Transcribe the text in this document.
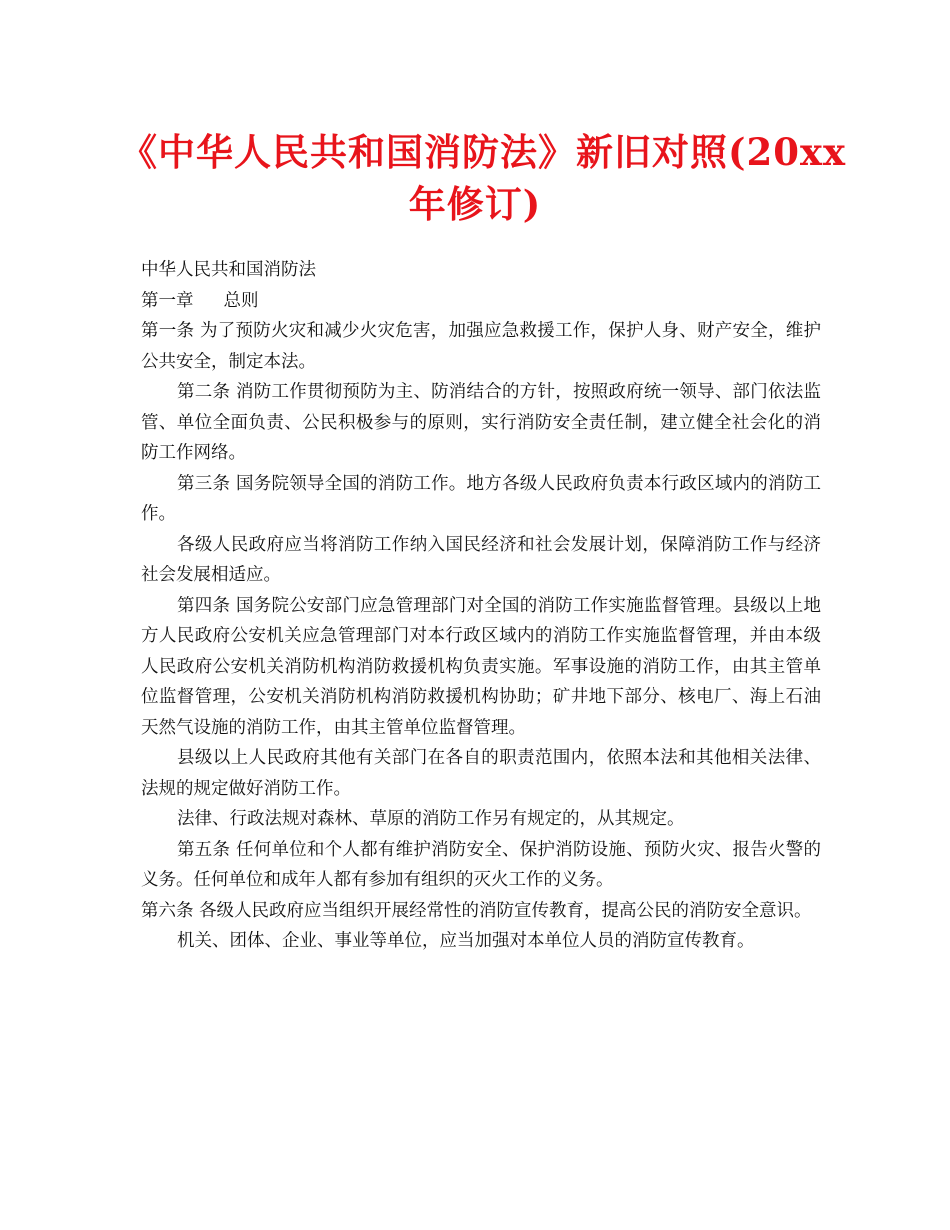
《中华人民共和国消防法》新旧对照(20xx
年修订)

中华人民共和国消防法

第一章 总则

第一条 为了预防火灾和减少火灾危害，加强应急救援工作，保护人身、财产安全，维护公共安全，制定本法。

第二条 消防工作贯彻预防为主、防消结合的方针，按照政府统一领导、部门依法监管、单位全面负责、公民积极参与的原则，实行消防安全责任制，建立健全社会化的消防工作网络。

第三条 国务院领导全国的消防工作。地方各级人民政府负责本行政区域内的消防工作。

各级人民政府应当将消防工作纳入国民经济和社会发展计划，保障消防工作与经济社会发展相适应。

第四条 国务院公安部门应急管理部门对全国的消防工作实施监督管理。县级以上地方人民政府公安机关应急管理部门对本行政区域内的消防工作实施监督管理，并由本级人民政府公安机关消防机构消防救援机构负责实施。军事设施的消防工作，由其主管单位监督管理，公安机关消防机构消防救援机构协助；矿井地下部分、核电厂、海上石油天然气设施的消防工作，由其主管单位监督管理。

县级以上人民政府其他有关部门在各自的职责范围内，依照本法和其他相关法律、法规的规定做好消防工作。

法律、行政法规对森林、草原的消防工作另有规定的，从其规定。

第五条 任何单位和个人都有维护消防安全、保护消防设施、预防火灾、报告火警的义务。任何单位和成年人都有参加有组织的灭火工作的义务。

第六条 各级人民政府应当组织开展经常性的消防宣传教育，提高公民的消防安全意识。

机关、团体、企业、事业等单位，应当加强对本单位人员的消防宣传教育。
